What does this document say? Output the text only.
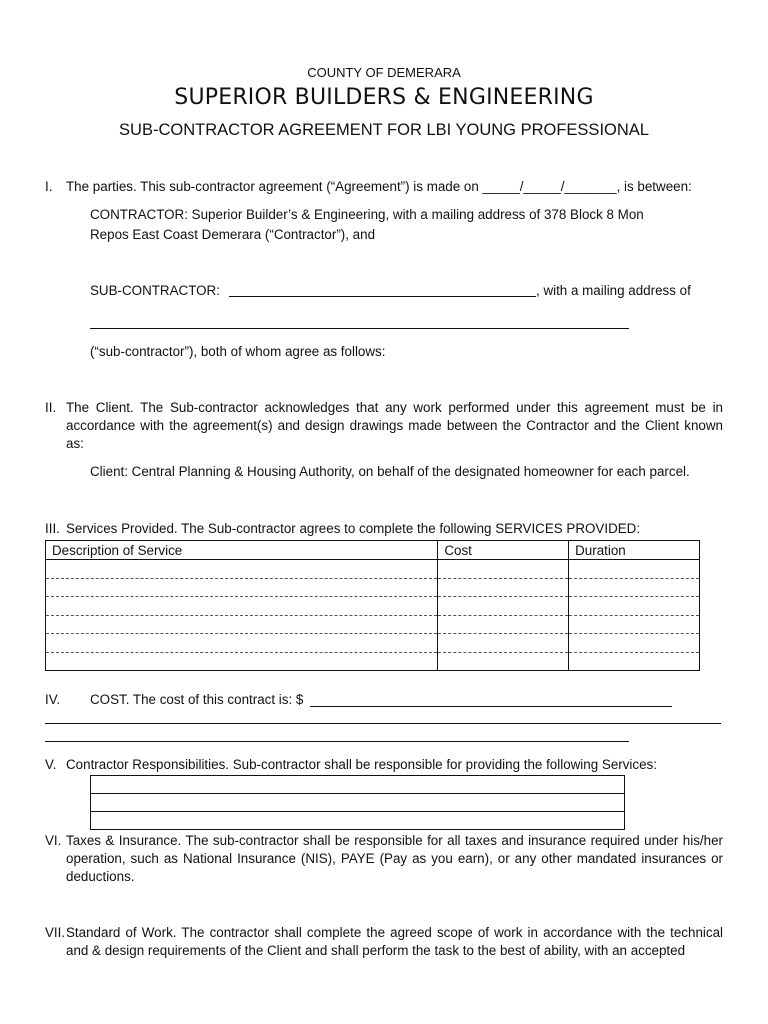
COUNTY OF DEMERARA
SUPERIOR BUILDERS & ENGINEERING
SUB-CONTRACTOR AGREEMENT FOR LBI YOUNG PROFESSIONAL
I. The parties. This sub-contractor agreement (“Agreement”) is made on _____/_____/_______, is between:
CONTRACTOR: Superior Builder’s & Engineering, with a mailing address of 378 Block 8 Mon
Repos East Coast Demerara (“Contractor”), and
SUB-CONTRACTOR:	, with a mailing address of
(“sub-contractor”), both of whom agree as follows:
II. The Client. The Sub-contractor acknowledges that any work performed under this agreement must be in accordance with the agreement(s) and design drawings made between the Contractor and the Client known as:
Client: Central Planning & Housing Authority, on behalf of the designated homeowner for each parcel.
III. Services Provided. The Sub-contractor agrees to complete the following SERVICES PROVIDED:
Description of Service	Cost	Duration

IV. COST. The cost of this contract is: $
V. Contractor Responsibilities. Sub-contractor shall be responsible for providing the following Services:

VI. Taxes & Insurance. The sub-contractor shall be responsible for all taxes and insurance required under his/her operation, such as National Insurance (NIS), PAYE (Pay as you earn), or any other mandated insurances or deductions.
VII. Standard of Work. The contractor shall complete the agreed scope of work in accordance with the technical and & design requirements of the Client and shall perform the task to the best of ability, with an accepted
